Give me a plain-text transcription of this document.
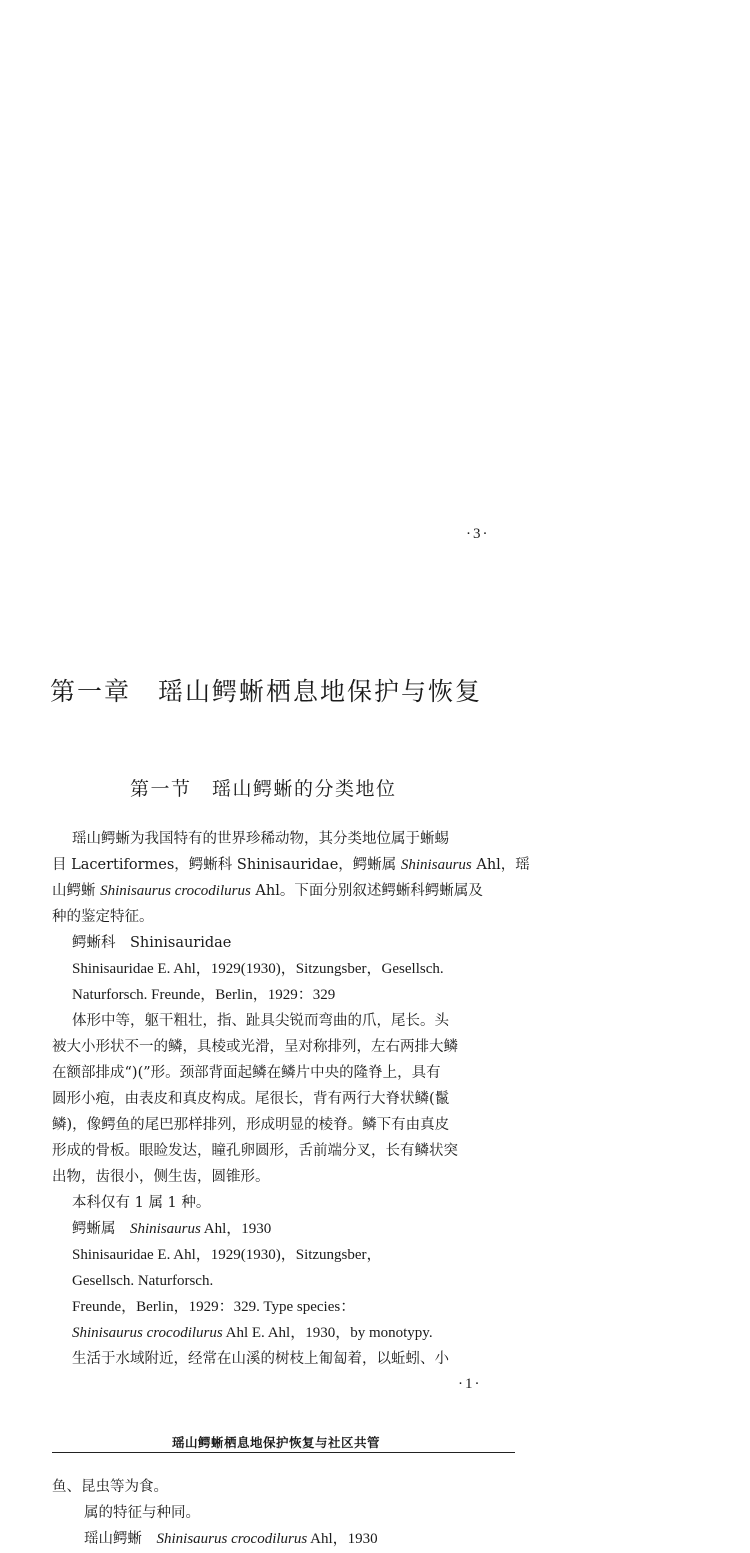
·3·
第一章　瑶山鳄蜥栖息地保护与恢复
第一节　瑶山鳄蜥的分类地位
瑶山鳄蜥为我国特有的世界珍稀动物，其分类地位属于蜥蜴
目 Lacertiformes，鳄蜥科 Shinisauridae，鳄蜥属 Shinisaurus Ahl，瑶
山鳄蜥 Shinisaurus crocodilurus Ahl。下面分别叙述鳄蜥科鳄蜥属及
种的鉴定特征。
鳄蜥科　Shinisauridae
Shinisauridae E. Ahl，1929(1930)，Sitzungsber，Gesellsch.
Naturforsch. Freunde，Berlin，1929：329
体形中等，躯干粗壮，指、趾具尖锐而弯曲的爪，尾长。头
被大小形状不一的鳞，具棱或光滑，呈对称排列，左右两排大鳞
在额部排成“)(”形。颈部背面起鳞在鳞片中央的隆脊上，具有
圆形小疱，由表皮和真皮构成。尾很长，背有两行大脊状鳞(鬣
鳞)，像鳄鱼的尾巴那样排列，形成明显的棱脊。鳞下有由真皮
形成的骨板。眼睑发达，瞳孔卵圆形，舌前端分叉，长有鳞状突
出物，齿很小，侧生齿，圆锥形。
本科仅有 1 属 1 种。
鳄蜥属　Shinisaurus Ahl，1930
Shinisauridae E. Ahl，1929(1930)，Sitzungsber，
Gesellsch. Naturforsch.
Freunde，Berlin，1929：329. Type species：
Shinisaurus crocodilurus Ahl E. Ahl，1930，by monotypy.
生活于水域附近，经常在山溪的树枝上匍匐着，以蚯蚓、小
·1·
瑶山鳄蜥栖息地保护恢复与社区共管
鱼、昆虫等为食。
属的特征与种同。
瑶山鳄蜥　Shinisaurus crocodilurus Ahl，1930
